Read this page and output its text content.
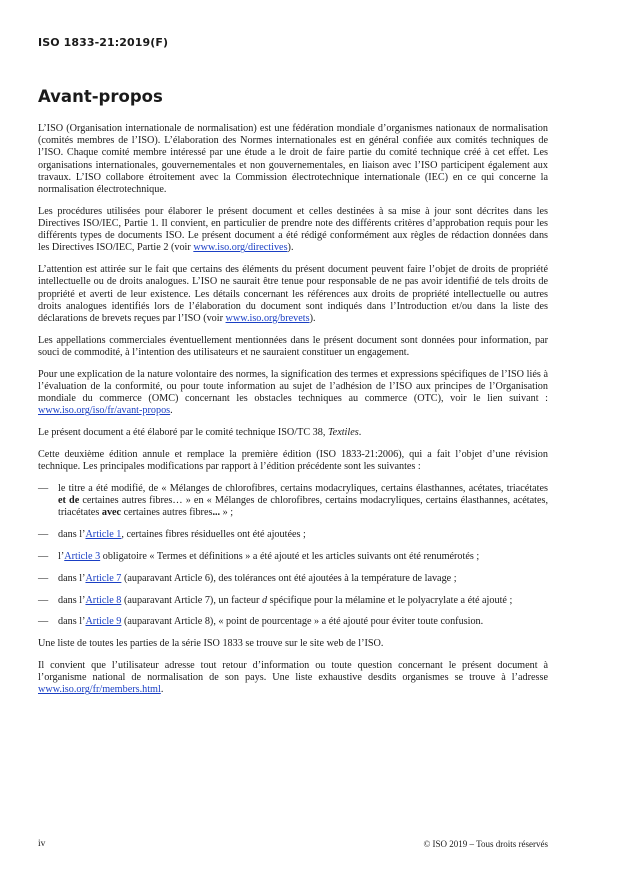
ISO 1833-21:2019(F)
Avant-propos

L’ISO (Organisation internationale de normalisation) est une fédération mondiale d’organismes nationaux de normalisation (comités membres de l’ISO). L’élaboration des Normes internationales est en général confiée aux comités techniques de l’ISO. Chaque comité membre intéressé par une étude a le droit de faire partie du comité technique créé à cet effet. Les organisations internationales, gouvernementales et non gouvernementales, en liaison avec l’ISO participent également aux travaux. L’ISO collabore étroitement avec la Commission électrotechnique internationale (IEC) en ce qui concerne la normalisation électrotechnique.

Les procédures utilisées pour élaborer le présent document et celles destinées à sa mise à jour sont décrites dans les Directives ISO/IEC, Partie 1. Il convient, en particulier de prendre note des différents critères d’approbation requis pour les différents types de documents ISO. Le présent document a été rédigé conformément aux règles de rédaction données dans les Directives ISO/IEC, Partie 2 (voir www.iso.org/directives).

L’attention est attirée sur le fait que certains des éléments du présent document peuvent faire l’objet de droits de propriété intellectuelle ou de droits analogues. L’ISO ne saurait être tenue pour responsable de ne pas avoir identifié de tels droits de propriété et averti de leur existence. Les détails concernant les références aux droits de propriété intellectuelle ou autres droits analogues identifiés lors de l’élaboration du document sont indiqués dans l’Introduction et/ou dans la liste des déclarations de brevets reçues par l’ISO (voir www.iso.org/brevets).

Les appellations commerciales éventuellement mentionnées dans le présent document sont données pour information, par souci de commodité, à l’intention des utilisateurs et ne sauraient constituer un engagement.

Pour une explication de la nature volontaire des normes, la signification des termes et expressions spécifiques de l’ISO liés à l’évaluation de la conformité, ou pour toute information au sujet de l’adhésion de l’ISO aux principes de l’Organisation mondiale du commerce (OMC) concernant les obstacles techniques au commerce (OTC), voir le lien suivant : www.iso.org/iso/fr/avant-propos.

Le présent document a été élaboré par le comité technique ISO/TC 38, Textiles.

Cette deuxième édition annule et remplace la première édition (ISO 1833-21:2006), qui a fait l’objet d’une révision technique. Les principales modifications par rapport à l’édition précédente sont les suivantes :

— le titre a été modifié, de « Mélanges de chlorofibres, certains modacryliques, certains élasthannes, acétates, triacétates et de certaines autres fibres… » en « Mélanges de chlorofibres, certains modacryliques, certains élasthannes, acétates, triacétates avec certaines autres fibres... » ;
— dans l’Article 1, certaines fibres résiduelles ont été ajoutées ;
— l’Article 3 obligatoire « Termes et définitions » a été ajouté et les articles suivants ont été renumérotés ;
— dans l’Article 7 (auparavant Article 6), des tolérances ont été ajoutées à la température de lavage ;
— dans l’Article 8 (auparavant Article 7), un facteur d spécifique pour la mélamine et le polyacrylate a été ajouté ;
— dans l’Article 9 (auparavant Article 8), « point de pourcentage » a été ajouté pour éviter toute confusion.

Une liste de toutes les parties de la série ISO 1833 se trouve sur le site web de l’ISO.

Il convient que l’utilisateur adresse tout retour d’information ou toute question concernant le présent document à l’organisme national de normalisation de son pays. Une liste exhaustive desdits organismes se trouve à l’adresse www.iso.org/fr/members.html.

iv	© ISO 2019 – Tous droits réservés
